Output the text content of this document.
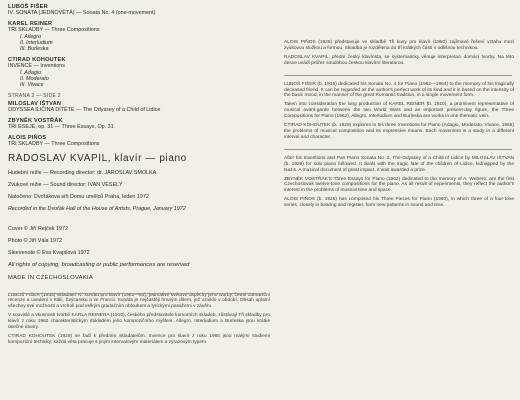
LUBOŠ FIŠER

IV. SONÁTA (JEDNOVĚTÁ) — Sonata No. 4 (one-movement)

KAREL REINER

TŘI SKLADBY — Three Compositions

I. Allegro

II. Interludium

III. Burleska

CTIRAD KOHOUTEK

INVENCE — Inventions

I. Adagio

II. Moderato

III. Vivace

STRANA 2 — SIDE 2

MILOSLAV IŠTVAN

ODYSSEA ILIČINA DÍTĚTE — The Odyssey of a Child of Lidice

ZBYNĚK VOSTŘÁK

TŘI ESEJE, op. 31 — Three Essays, Op. 31

ALOIS PIŇOS

TŘI SKLADBY — Three Compositions

RADOSLAV KVAPIL, klavír — piano

Hudební režie — Recording director: dr. JAROSLAV SMOLKA

Zvukové režie — Sound director: IVAN VESELÝ

Natočeno: Dvořákova síň Domu umělců Praha, leden 1972

Recorded in the Dvořák Hall of the House of Artists, Prague, January 1972

Cover © Jiří Rejček 1972

Photo © Jiří Vála 1972

Sleevenote © Eva Kvapilová 1972

All rights of copying, broadcasting or public performances are reserved

MADE IN CZECHOSLOVAKIA

LUBOŠ FIŠER (1935) skladatel IV. sonátu pro klavír (1962—64), jednotlivé světové úspěchy jeho tvorby, četné zahraniční recenze a uvedení v Itálii, Švýcarsku a ve Francii. Sonáta je nejčastěji hraným dílem, jež vzniklo v období. Obsah uplatní všechny své možnosti a vrcholí pod velkým gradačním obloukem a lyrickými pasážemi v závěru.

V souvislé a vkusnosti tvorbě KARLA REINERA (1910), českého představitele komorních skladeb, zůstávají Tři skladby pro klavír z roku 1962 charakteristickým dokladem jeho kompozičního myšlení. Allegro, Interludium a Burleska jsou krátké úsečné útvary.

CTIRAD KOHOUTEK (1929) se řadí k předním skladatelům. Invence pro klavír z roku 1965 jsou malými studiemi kompoziční techniky, každá věta pracuje s jiným intervalovým materiálem a výrazovým typem.

ALOIS PIŇOS (1925) představuje ve skladbě Tři kusy pro klavír (1960) zajímavé řešení vztahu mezi zvukovou složkou a formou. Skladba je rozdělena do tří krátkých částí s odlišnou technikou.

RADOSLAV KVAPIL, přední český klavírista, se systematicky věnuje interpretaci domácí tvorby. Na této desce uvádí průřez soudobou českou klavírní literaturou.

LUBOŠ FIŠER (b. 1935) dedicated his Sonata No. 4 for Piano (1962—1964) to the memory of his tragically deceased friend. It can be regarded as the author's perfect work of its kind and it is based on the intensity of the basic mood, in the manner of the great Romantic tradition, in a single movement form.

Taken into consideration the long production of KAREL REINER (b. 1910), a prominent representative of musical avant-garde between the two World Wars and an important present-day figure, the Three Compositions for Piano (1962), Allegro, Interludium and Burleska are works in one thematic vein.

CTIRAD KOHOUTEK (b. 1929) explores in his three Inventions for Piano (Adagio, Moderato, Vivace, 1965) the problems of musical composition and its expressive means. Each movement is a study in a different interval and character.

After his Inventions and Pan Piano Sonata No. 2, The Odyssey of a Child of Lidice by MILOSLAV IŠTVAN (b. 1928) for solo piano followed. It deals with the tragic fate of the children of Lidice, kidnapped by the Nazis. A musical document of great impact, it was awarded a prize.

ZBYNĚK VOSTŘÁK'S Three Essays for Piano (1962) dedicated to the memory of A. Webern, are the first Czechoslovak twelve-tone compositions for the piano. As all result of experiments, they reflect the author's interest in the problems of musical time and space.

ALOIS PIŇOS (b. 1925) has composed his Three Pieces for Piano (1960), in which three of a four-tone series, closely in bearing and register, form new patterns in sound and time.
